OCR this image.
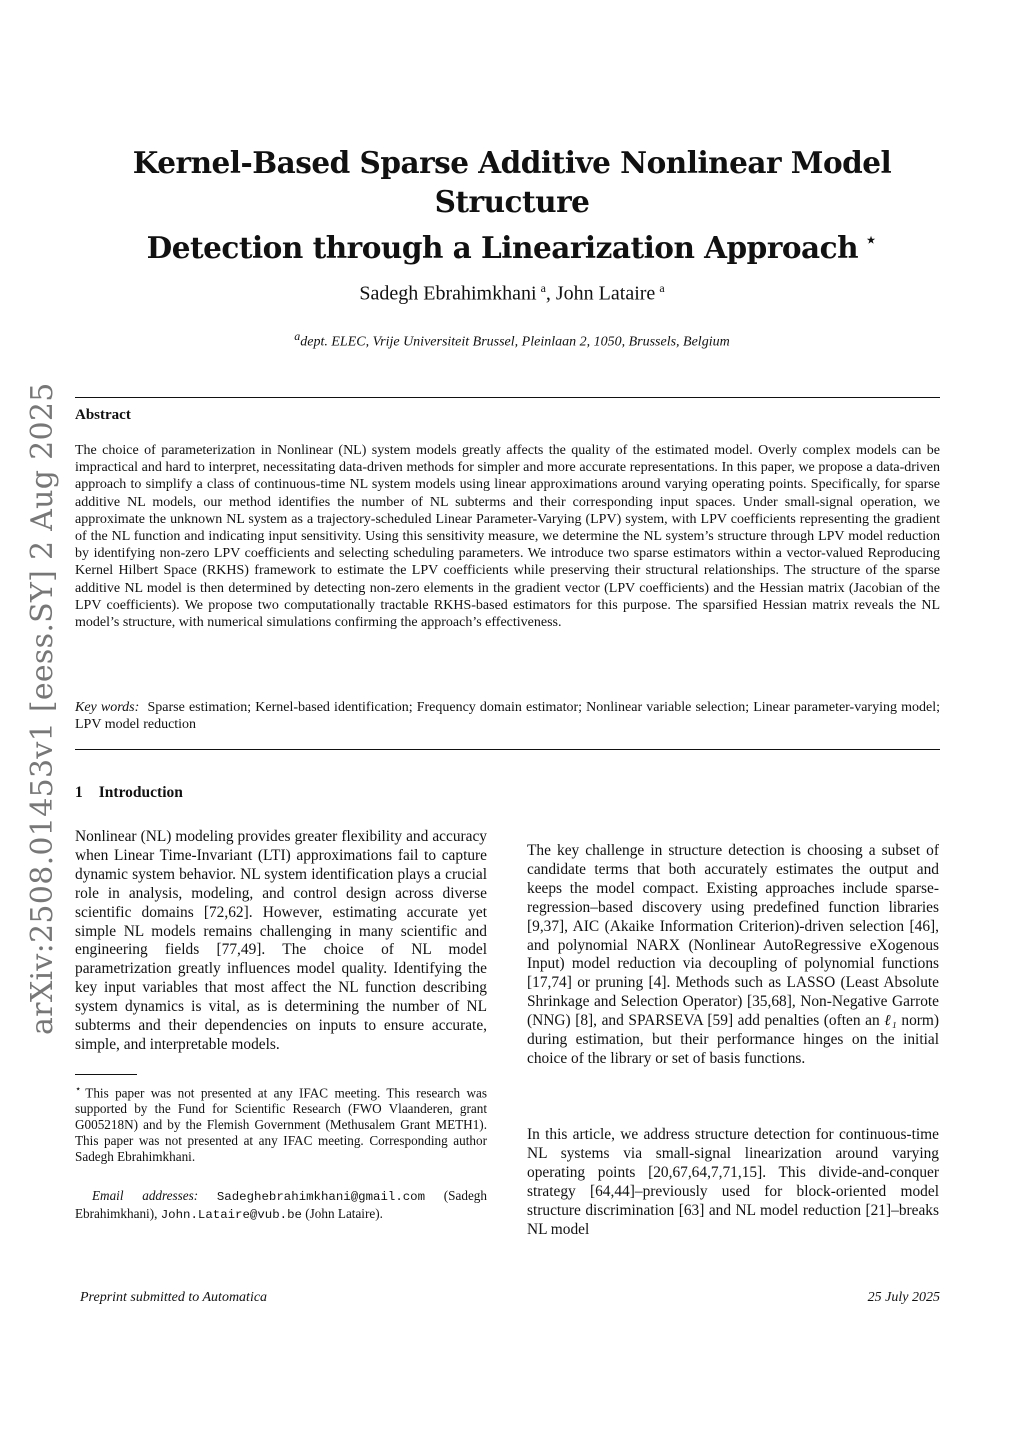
arXiv:2508.01453v1 [eess.SY] 2 Aug 2025
Kernel-Based Sparse Additive Nonlinear Model Structure
Detection through a Linearization Approach ⋆
Sadegh Ebrahimkhani  $^a$, John Lataire  $^a$
$^a$dept. ELEC, Vrije Universiteit Brussel, Pleinlaan 2, 1050, Brussels, Belgium
Abstract

The choice of parameterization in Nonlinear (NL) system models greatly affects the quality of the estimated model. Overly complex models can be impractical and hard to interpret, necessitating data-driven methods for simpler and more accurate representations. In this paper, we propose a data-driven approach to simplify a class of continuous-time NL system models using linear approximations around varying operating points. Specifically, for sparse additive NL models, our method identifies the number of NL subterms and their corresponding input spaces. Under small-signal operation, we approximate the unknown NL system as a trajectory-scheduled Linear Parameter-Varying (LPV) system, with LPV coefficients representing the gradient of the NL function and indicating input sensitivity. Using this sensitivity measure, we determine the NL system’s structure through LPV model reduction by identifying non-zero LPV coefficients and selecting scheduling parameters. We introduce two sparse estimators within a vector-valued Reproducing Kernel Hilbert Space (RKHS) framework to estimate the LPV coefficients while preserving their structural relationships. The structure of the sparse additive NL model is then determined by detecting non-zero elements in the gradient vector (LPV coefficients) and the Hessian matrix (Jacobian of the LPV coefficients). We propose two computationally tractable RKHS-based estimators for this purpose. The sparsified Hessian matrix reveals the NL model’s structure, with numerical simulations confirming the approach’s effectiveness.

Key words: Sparse estimation; Kernel-based identification; Frequency domain estimator; Nonlinear variable selection; Linear parameter-varying model; LPV model reduction

1 Introduction

Nonlinear (NL) modeling provides greater flexibility and accuracy when Linear Time-Invariant (LTI) approximations fail to capture dynamic system behavior. NL system identification plays a crucial role in analysis, modeling, and control design across diverse scientific domains [72,62]. However, estimating accurate yet simple NL models remains challenging in many scientific and engineering fields [77,49]. The choice of NL model parametrization greatly influences model quality. Identifying the key input variables that most affect the NL function describing system dynamics is vital, as is determining the number of NL subterms and their dependencies on inputs to ensure accurate, simple, and interpretable models.

⋆ This paper was not presented at any IFAC meeting. This research was supported by the Fund for Scientific Research (FWO Vlaanderen, grant G005218N) and by the Flemish Government (Methusalem Grant METH1). This paper was not presented at any IFAC meeting. Corresponding author Sadegh Ebrahimkhani.

Email addresses: Sadeghebrahimkhani@gmail.com (Sadegh Ebrahimkhani), John.Lataire@vub.be (John Lataire).

The key challenge in structure detection is choosing a subset of candidate terms that both accurately estimates the output and keeps the model compact. Existing approaches include sparse-regression–based discovery using predefined function libraries [9,37], AIC (Akaike Information Criterion)-driven selection [46], and polynomial NARX (Nonlinear AutoRegressive eXogenous Input) model reduction via decoupling of polynomial functions [17,74] or pruning [4]. Methods such as LASSO (Least Absolute Shrinkage and Selection Operator) [35,68], Non-Negative Garrote (NNG) [8], and SPARSEVA [59] add penalties (often an ℓ₁ norm) during estimation, but their performance hinges on the initial choice of the library or set of basis functions.

In this article, we address structure detection for continuous-time NL systems via small-signal linearization around varying operating points [20,67,64,7,71,15]. This divide-and-conquer strategy [64,44]–previously used for block-oriented model structure discrimination [63] and NL model reduction [21]–breaks NL model

Preprint submitted to Automatica	25 July 2025
